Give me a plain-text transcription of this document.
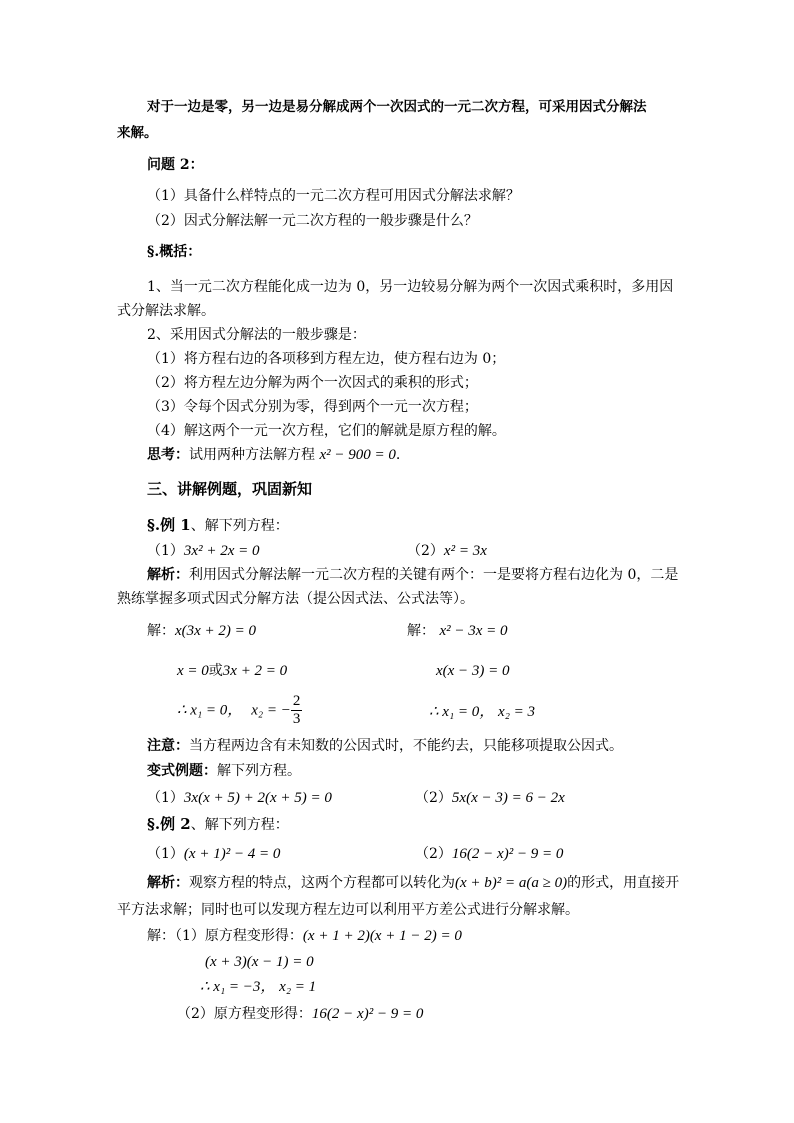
对于一边是零，另一边是易分解成两个一次因式的一元二次方程，可采用因式分解法
来解。
问题 2：
（1）具备什么样特点的一元二次方程可用因式分解法求解？
（2）因式分解法解一元二次方程的一般步骤是什么？
§.概括：
1、当一元二次方程能化成一边为 0，另一边较易分解为两个一次因式乘积时，多用因
式分解法求解。
2、采用因式分解法的一般步骤是：
（1）将方程右边的各项移到方程左边，使方程右边为 0；
（2）将方程左边分解为两个一次因式的乘积的形式；
（3）令每个因式分别为零，得到两个一元一次方程；
（4）解这两个一元一次方程，它们的解就是原方程的解。
思考：试用两种方法解方程 x² − 900 = 0.
三、讲解例题，巩固新知
§.例 1、解下列方程：
（1）3x² + 2x = 0	（2）x² = 3x
解析：利用因式分解法解一元二次方程的关键有两个：一是要将方程右边化为 0，二是
熟练掌握多项式因式分解方法（提公因式法、公式法等）。
解：x(3x + 2) = 0
x = 0或3x + 2 = 0
∴ x₁ = 0， x₂ = − $\frac{2}{3}$
解： x² − 3x = 0
x(x − 3) = 0
∴ x₁ = 0， x₂ = 3
注意：当方程两边含有未知数的公因式时，不能约去，只能移项提取公因式。
变式例题：解下列方程。
（1）3x(x + 5) + 2(x + 5) = 0	（2）5x(x − 3) = 6 − 2x
§.例 2、解下列方程：
（1）(x + 1)² − 4 = 0	（2）16(2 − x)² − 9 = 0
解析：观察方程的特点，这两个方程都可以转化为(x + b)² = a(a ≥ 0)的形式，用直接开
平方法求解；同时也可以发现方程左边可以利用平方差公式进行分解求解。
解：（1）原方程变形得：(x + 1 + 2)(x + 1 − 2) = 0
(x + 3)(x − 1) = 0
∴ x₁ = −3， x₂ = 1
（2）原方程变形得：16(2 − x)² − 9 = 0
